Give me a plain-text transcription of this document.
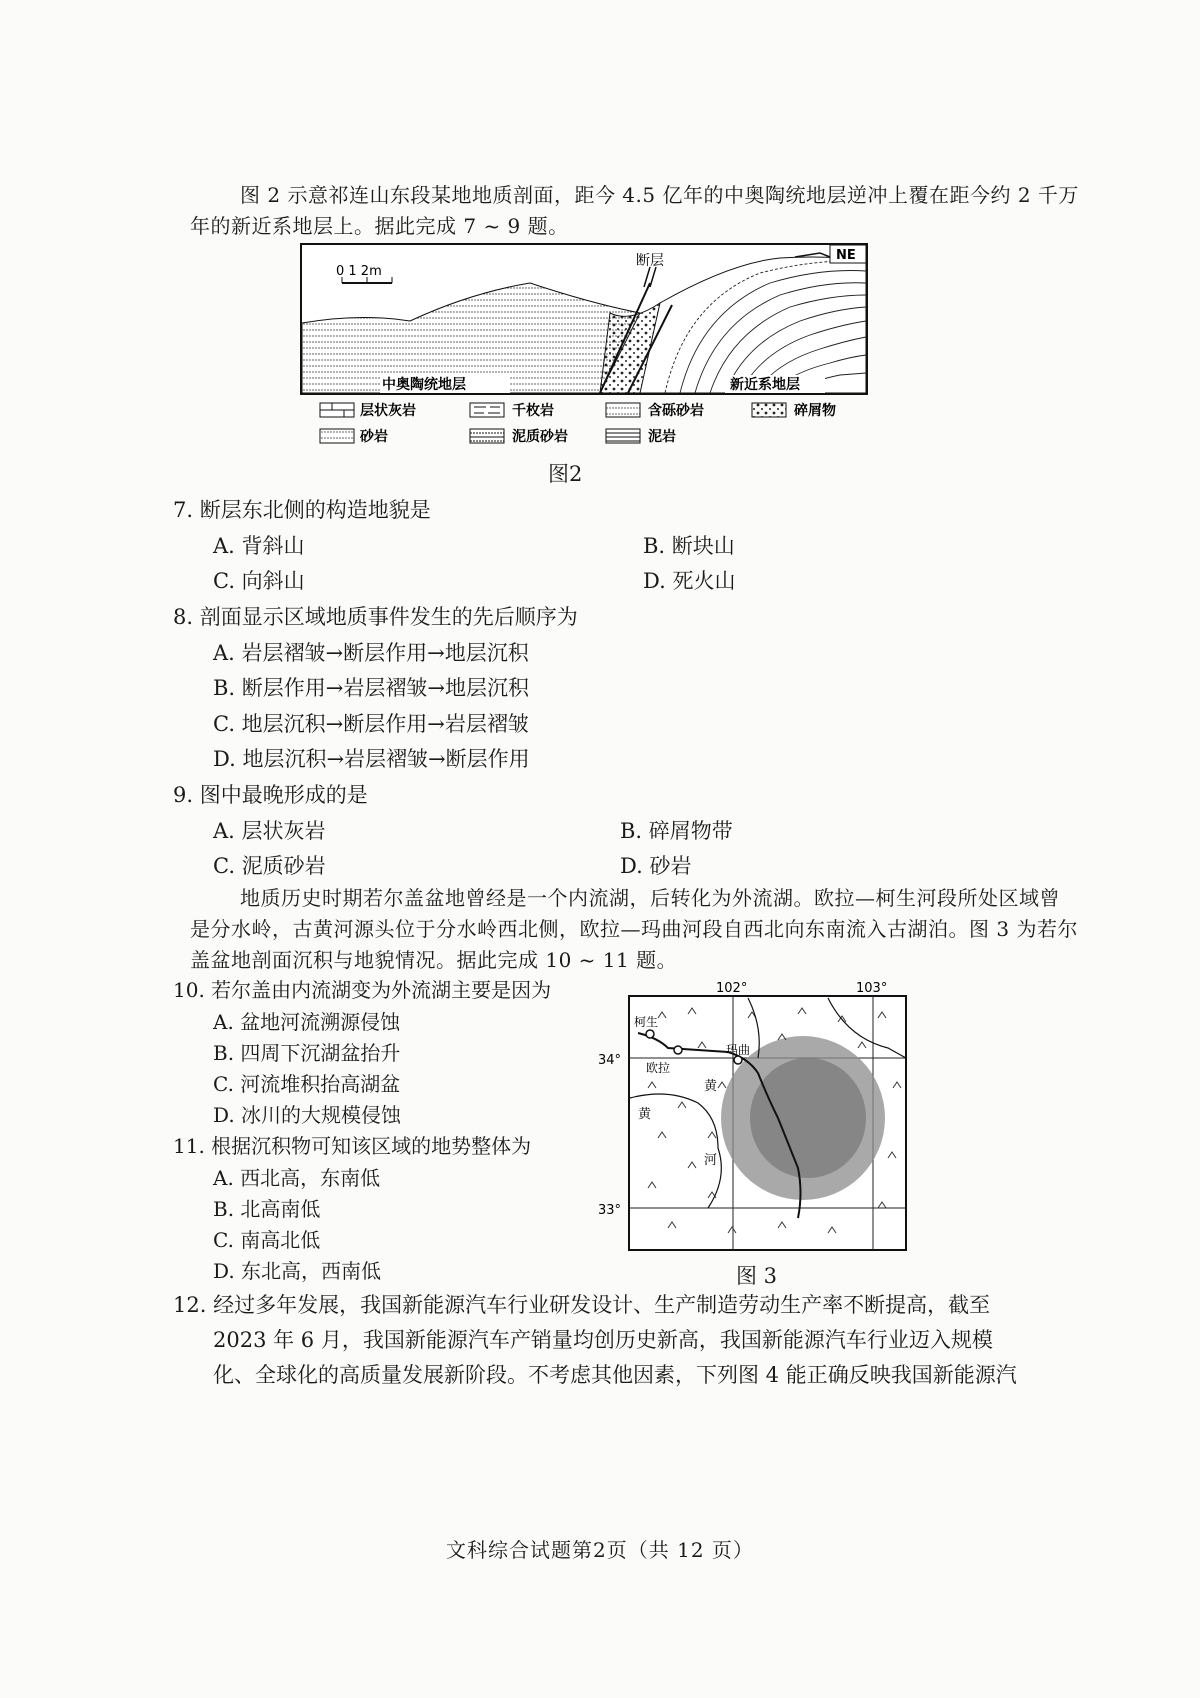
图 2 示意祁连山东段某地地质剖面，距今 4.5 亿年的中奥陶统地层逆冲上覆在距今约 2 千万年的新近系地层上。据此完成 7 ~ 9 题。

0 1 2m
断层	NE
中奥陶统地层	新近系地层
层状灰岩	千枚岩	含砾砂岩	碎屑物
砂岩	泥质砂岩	泥岩
图2
7. 断层东北侧的构造地貌是
A. 背斜山	B. 断块山
C. 向斜山	D. 死火山
8. 剖面显示区域地质事件发生的先后顺序为
A. 岩层褶皱→断层作用→地层沉积
B. 断层作用→岩层褶皱→地层沉积
C. 地层沉积→断层作用→岩层褶皱
D. 地层沉积→岩层褶皱→断层作用
9. 图中最晚形成的是
A. 层状灰岩	B. 碎屑物带
C. 泥质砂岩	D. 砂岩

地质历史时期若尔盖盆地曾经是一个内流湖，后转化为外流湖。欧拉—柯生河段所处区域曾是分水岭，古黄河源头位于分水岭西北侧，欧拉—玛曲河段自西北向东南流入古湖泊。图 3 为若尔盖盆地剖面沉积与地貌情况。据此完成 10 ~ 11 题。

10. 若尔盖由内流湖变为外流湖主要是因为
A. 盆地河流溯源侵蚀
B. 四周下沉湖盆抬升
C. 河流堆积抬高湖盆
D. 冰川的大规模侵蚀
11. 根据沉积物可知该区域的地势整体为
A. 西北高，东南低
B. 北高南低
C. 南高北低
D. 东北高，西南低
102°	103°
34°
33°
柯生
欧拉
玛曲
黄
河
黄
图 3
12. 经过多年发展，我国新能源汽车行业研发设计、生产制造劳动生产率不断提高，截至
2023 年 6 月，我国新能源汽车产销量均创历史新高，我国新能源汽车行业迈入规模
化、全球化的高质量发展新阶段。不考虑其他因素，下列图 4 能正确反映我国新能源汽
文科综合试题第2页（共 12 页）
